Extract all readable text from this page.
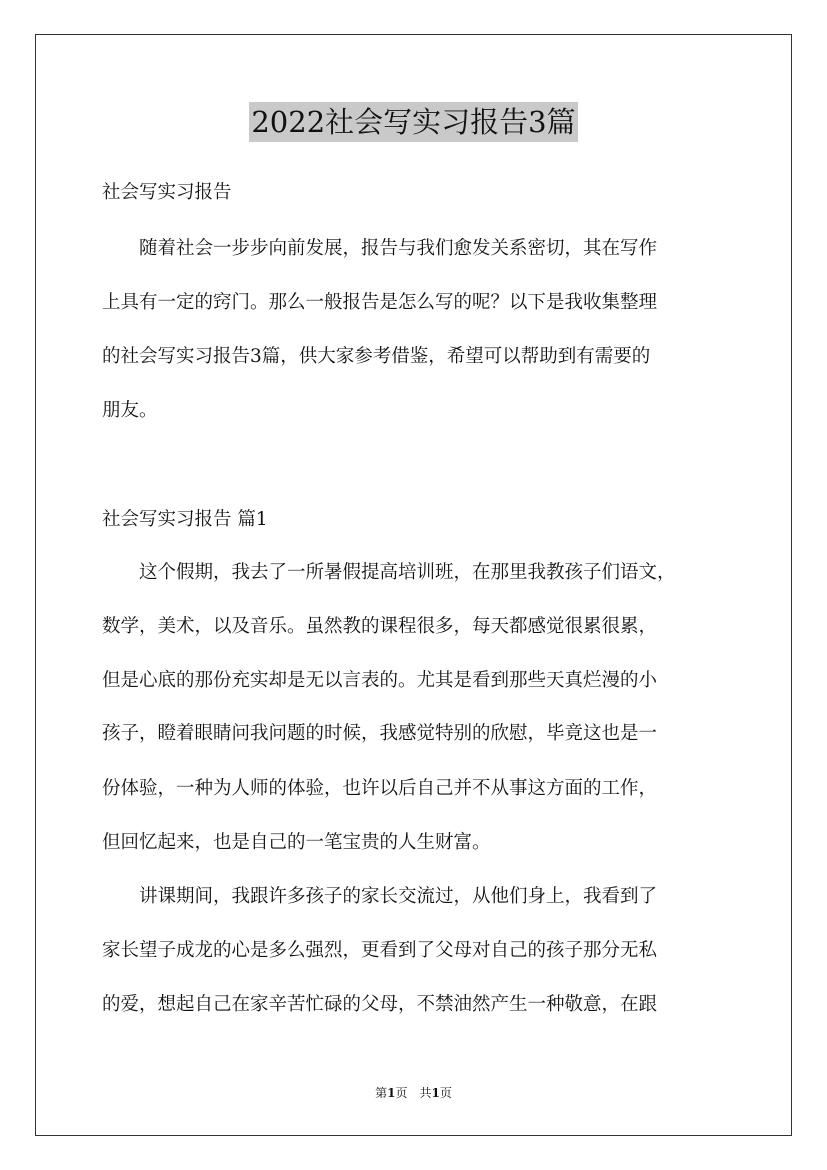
2022社会写实习报告3篇
社会写实习报告
　　随着社会一步步向前发展，报告与我们愈发关系密切，其在写作
上具有一定的窍门。那么一般报告是怎么写的呢？以下是我收集整理
的社会写实习报告3篇，供大家参考借鉴，希望可以帮助到有需要的
朋友。
社会写实习报告 篇1
　　这个假期，我去了一所暑假提高培训班，在那里我教孩子们语文，
数学，美术，以及音乐。虽然教的课程很多，每天都感觉很累很累，
但是心底的那份充实却是无以言表的。尤其是看到那些天真烂漫的小
孩子，瞪着眼睛问我问题的时候，我感觉特别的欣慰，毕竟这也是一
份体验，一种为人师的体验，也许以后自己并不从事这方面的工作，
但回忆起来，也是自己的一笔宝贵的人生财富。
　　讲课期间，我跟许多孩子的家长交流过，从他们身上，我看到了
家长望子成龙的心是多么强烈，更看到了父母对自己的孩子那分无私
的爱，想起自己在家辛苦忙碌的父母，不禁油然产生一种敬意，在跟
第1页　共1页
